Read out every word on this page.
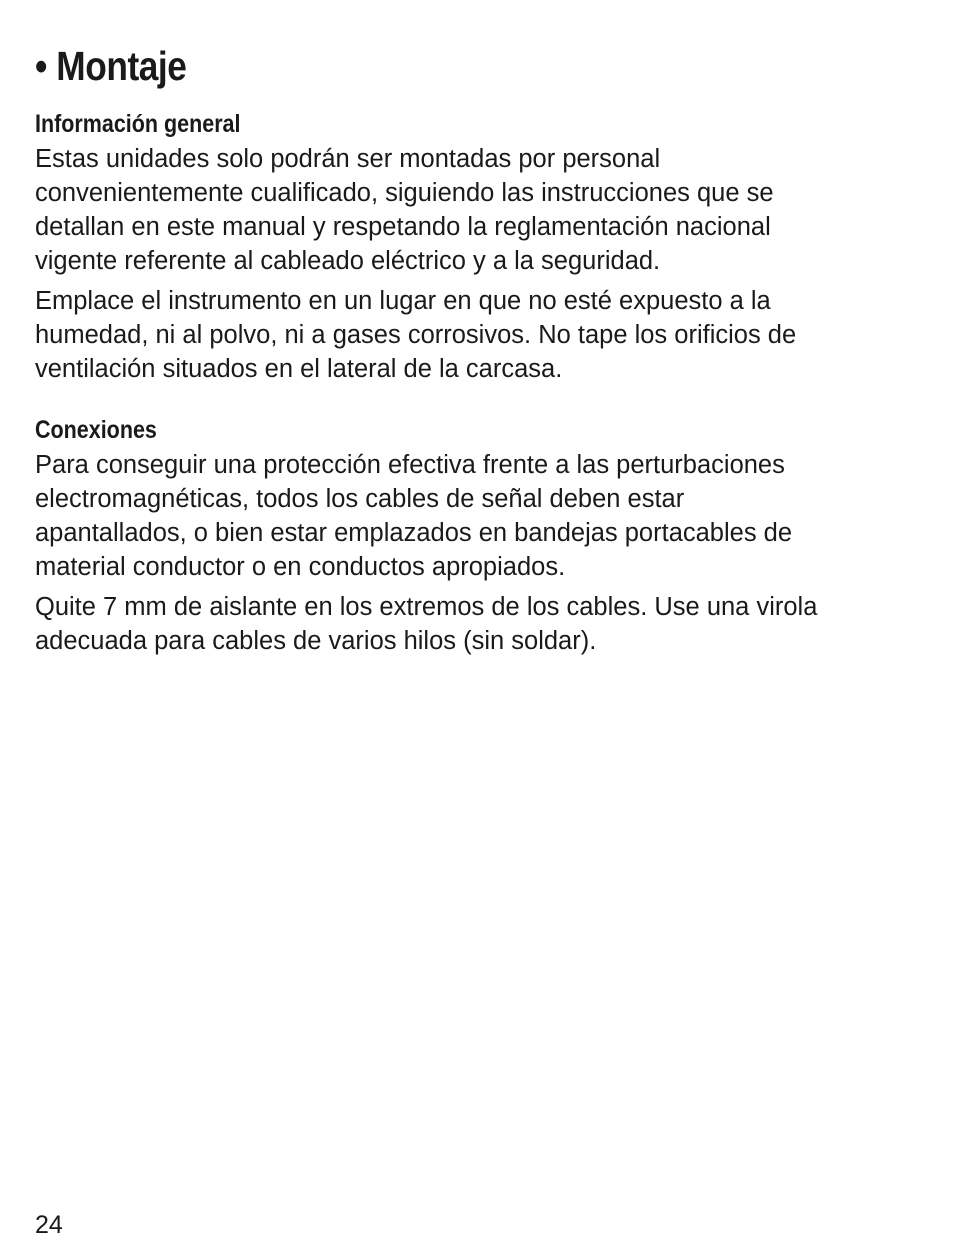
• Montaje
Información general

Estas unidades solo podrán ser montadas por personal
convenientemente cualificado, siguiendo las instrucciones que se
detallan en este manual y respetando la reglamentación nacional
vigente referente al cableado eléctrico y a la seguridad.

Emplace el instrumento en un lugar en que no esté expuesto a la
humedad, ni al polvo, ni a gases corrosivos. No tape los orificios de
ventilación situados en el lateral de la carcasa.

Conexiones

Para conseguir una protección efectiva frente a las perturbaciones
electromagnéticas, todos los cables de señal deben estar
apantallados, o bien estar emplazados en bandejas portacables de
material conductor o en conductos apropiados.

Quite 7 mm de aislante en los extremos de los cables. Use una virola
adecuada para cables de varios hilos (sin soldar).

24
